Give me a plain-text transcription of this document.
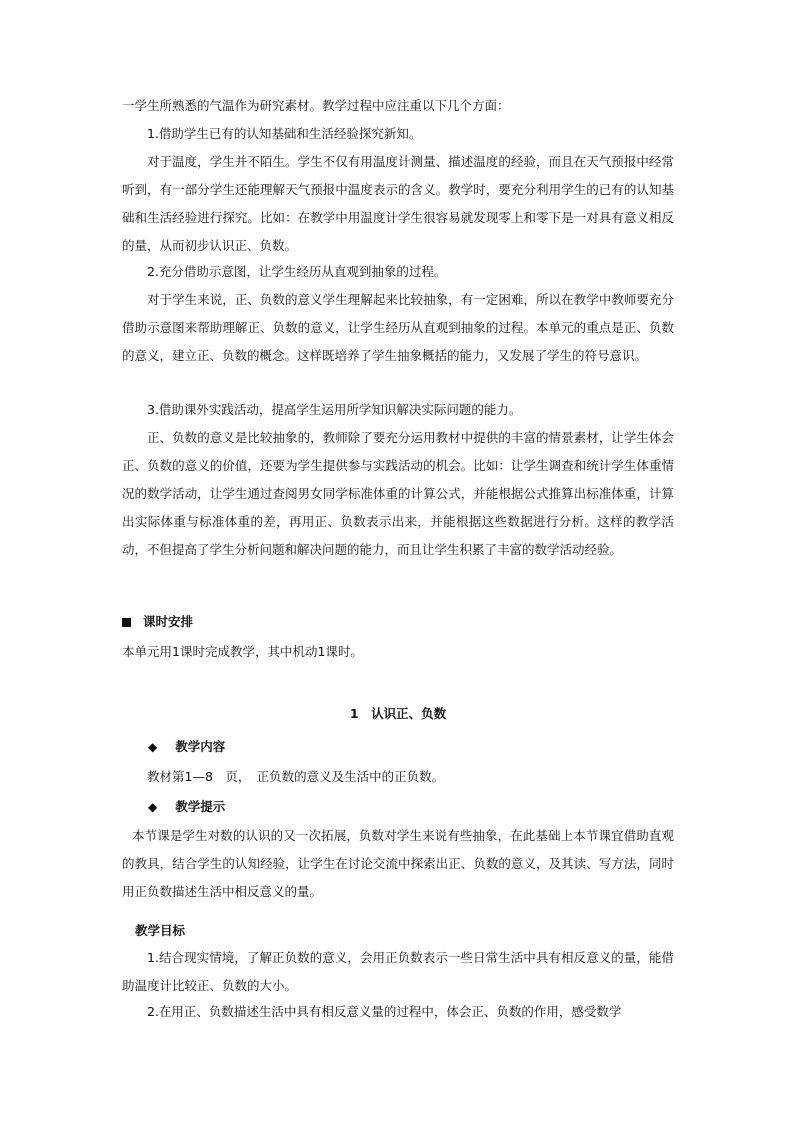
一学生所熟悉的气温作为研究素材。教学过程中应注重以下几个方面：

1.借助学生已有的认知基础和生活经验探究新知。

对于温度，学生并不陌生。学生不仅有用温度计测量、描述温度的经验，而且在天气预报中经常听到，有一部分学生还能理解天气预报中温度表示的含义。教学时，要充分利用学生的已有的认知基础和生活经验进行探究。比如：在教学中用温度计学生很容易就发现零上和零下是一对具有意义相反的量，从而初步认识正、负数。

2.充分借助示意图，让学生经历从直观到抽象的过程。

对于学生来说，正、负数的意义学生理解起来比较抽象，有一定困难，所以在教学中教师要充分借助示意图来帮助理解正、负数的意义，让学生经历从直观到抽象的过程。本单元的重点是正、负数的意义，建立正、负数的概念。这样既培养了学生抽象概括的能力，又发展了学生的符号意识。

3.借助课外实践活动，提高学生运用所学知识解决实际问题的能力。

正、负数的意义是比较抽象的，教师除了要充分运用教材中提供的丰富的情景素材，让学生体会正、负数的意义的价值，还要为学生提供参与实践活动的机会。比如：让学生调查和统计学生体重情况的数学活动，让学生通过查阅男女同学标准体重的计算公式，并能根据公式推算出标准体重，计算出实际体重与标准体重的差，再用正、负数表示出来，并能根据这些数据进行分析。这样的教学活动，不但提高了学生分析问题和解决问题的能力，而且让学生积累了丰富的数学活动经验。

课时安排

本单元用1课时完成教学，其中机动1课时。

1　认识正、负数
◆ 教学内容

教材第1—8　页，　正负数的意义及生活中的正负数。

◆ 教学提示

本节课是学生对数的认识的又一次拓展，负数对学生来说有些抽象，在此基础上本节课宜借助直观的教具，结合学生的认知经验，让学生在讨论交流中探索出正、负数的意义，及其读、写方法，同时用正负数描述生活中相反意义的量。

教学目标

1.结合现实情境，了解正负数的意义，会用正负数表示一些日常生活中具有相反意义的量，能借助温度计比较正、负数的大小。

2.在用正、负数描述生活中具有相反意义量的过程中，体会正、负数的作用，感受数学
